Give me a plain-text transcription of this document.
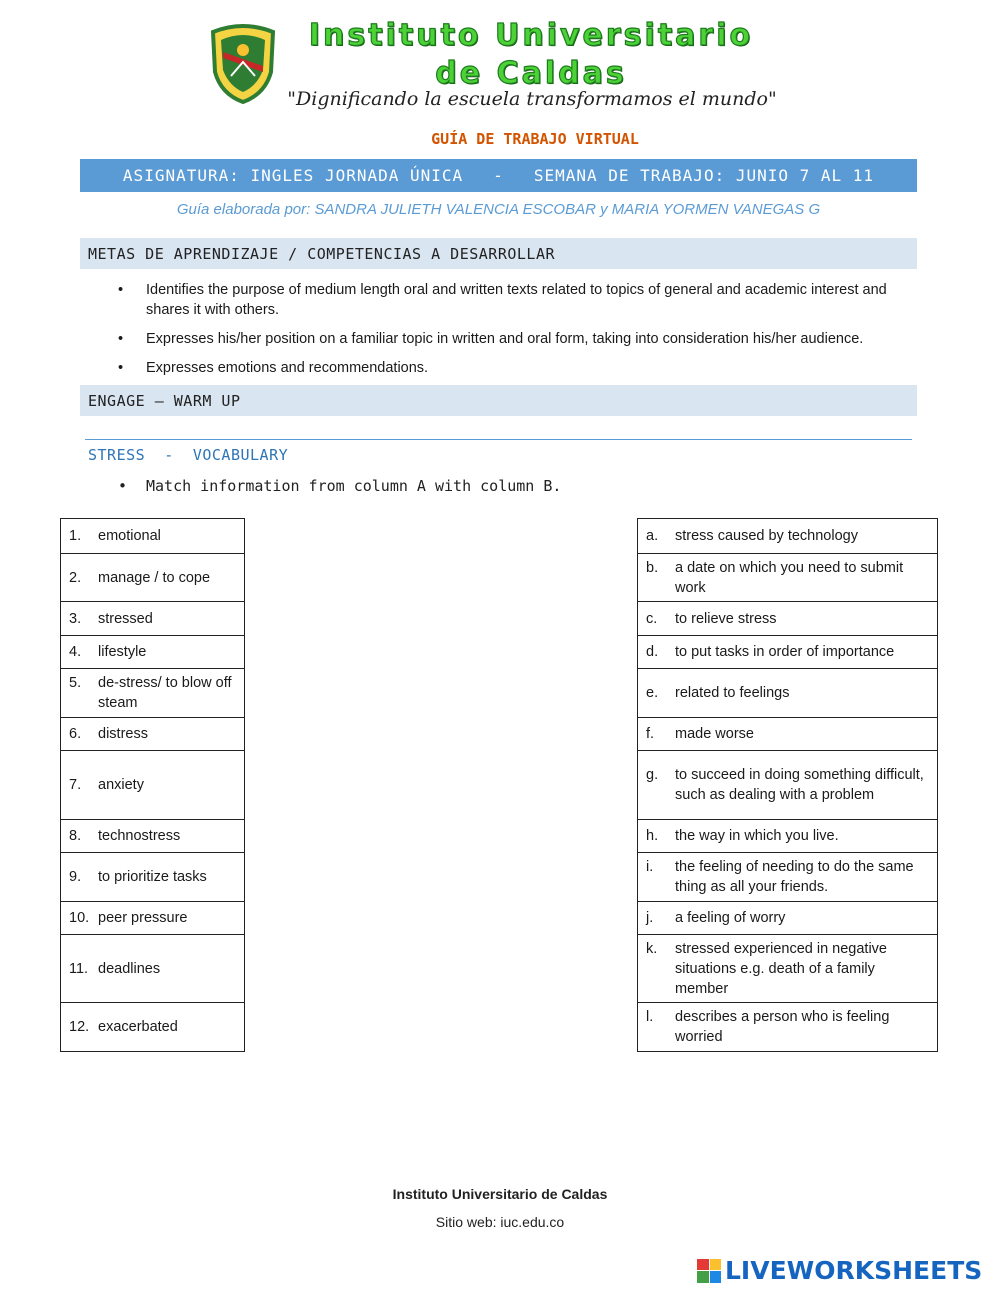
Instituto Universitario
de Caldas
"Dignificando la escuela transformamos el mundo"
GUÍA DE TRABAJO VIRTUAL
ASIGNATURA: INGLES JORNADA ÚNICA - SEMANA DE TRABAJO: JUNIO 7 AL 11
Guía elaborada por: SANDRA JULIETH VALENCIA ESCOBAR y MARIA YORMEN VANEGAS G
METAS DE APRENDIZAJE / COMPETENCIAS A DESARROLLAR
• Identifies the purpose of medium length oral and written texts related to topics of general and academic interest and shares it with others.
• Expresses his/her position on a familiar topic in written and oral form, taking into consideration his/her audience.
• Expresses emotions and recommendations.
ENGAGE – WARM UP
STRESS  -  VOCABULARY
• Match information from column A with column B.
1.	emotional

2.	manage / to cope

3.	stressed

4.	lifestyle

5.	de-stress/ to blow off steam

6.	distress

7.	anxiety

8.	technostress

9.	to prioritize tasks

10. peer pressure

11. deadlines

12. exacerbated
a.	stress caused by technology

b.	a date on which you need to submit work

c.	to relieve stress

d.	to put tasks in order of importance

e.	related to feelings

f.	made worse

g.	to succeed in doing something difficult, such as dealing with a problem

h.	the way in which you live.

i.	the feeling of needing to do the same thing as all your friends.

j.	a feeling of worry

k.	stressed experienced in negative situations e.g. death of a family member

l.	describes a person who is feeling worried
Instituto Universitario de Caldas
Sitio web: iuc.edu.co
LIVEWORKSHEETS
